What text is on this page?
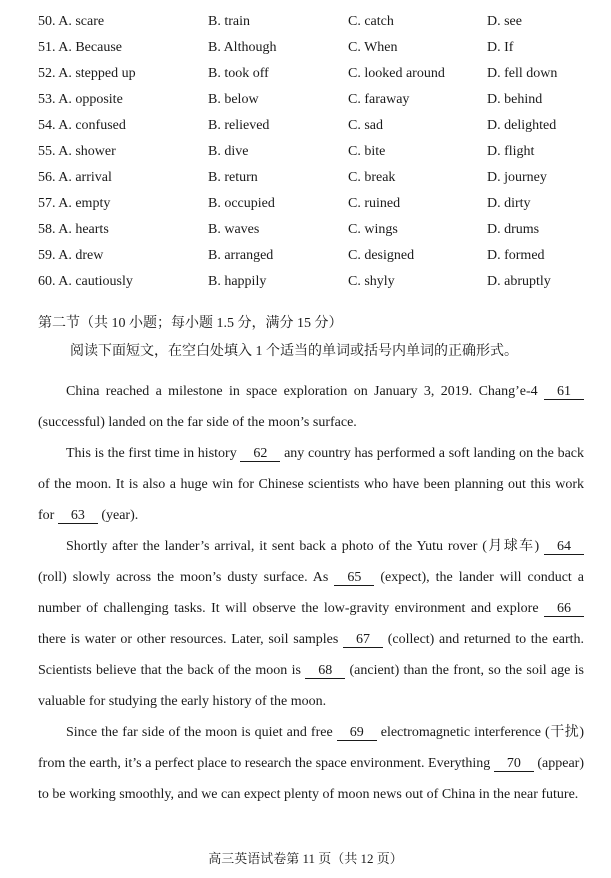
50. A. scare	B. train	C. catch	D. see
51. A. Because	B. Although	C. When	D. If
52. A. stepped up	B. took off	C. looked around	D. fell down
53. A. opposite	B. below	C. faraway	D. behind
54. A. confused	B. relieved	C. sad	D. delighted
55. A. shower	B. dive	C. bite	D. flight
56. A. arrival	B. return	C. break	D. journey
57. A. empty	B. occupied	C. ruined	D. dirty
58. A. hearts	B. waves	C. wings	D. drums
59. A. drew	B. arranged	C. designed	D. formed
60. A. cautiously	B. happily	C. shyly	D. abruptly
第二节（共 10 小题；每小题 1.5 分，满分 15 分）
阅读下面短文，在空白处填入 1 个适当的单词或括号内单词的正确形式。

China reached a milestone in space exploration on January 3, 2019. Chang’e-4 61 (successful) landed on the far side of the moon’s surface.

This is the first time in history 62 any country has performed a soft landing on the back of the moon. It is also a huge win for Chinese scientists who have been planning out this work for 63 (year).

Shortly after the lander’s arrival, it sent back a photo of the Yutu rover (月球车) 64 (roll) slowly across the moon’s dusty surface. As 65 (expect), the lander will conduct a number of challenging tasks. It will observe the low-gravity environment and explore 66 there is water or other resources. Later, soil samples 67 (collect) and returned to the earth. Scientists believe that the back of the moon is 68 (ancient) than the front, so the soil age is valuable for studying the early history of the moon.

Since the far side of the moon is quiet and free 69 electromagnetic interference (干扰) from the earth, it’s a perfect place to research the space environment. Everything 70 (appear) to be working smoothly, and we can expect plenty of moon news out of China in the near future.

高三英语试卷第 11 页（共 12 页）
